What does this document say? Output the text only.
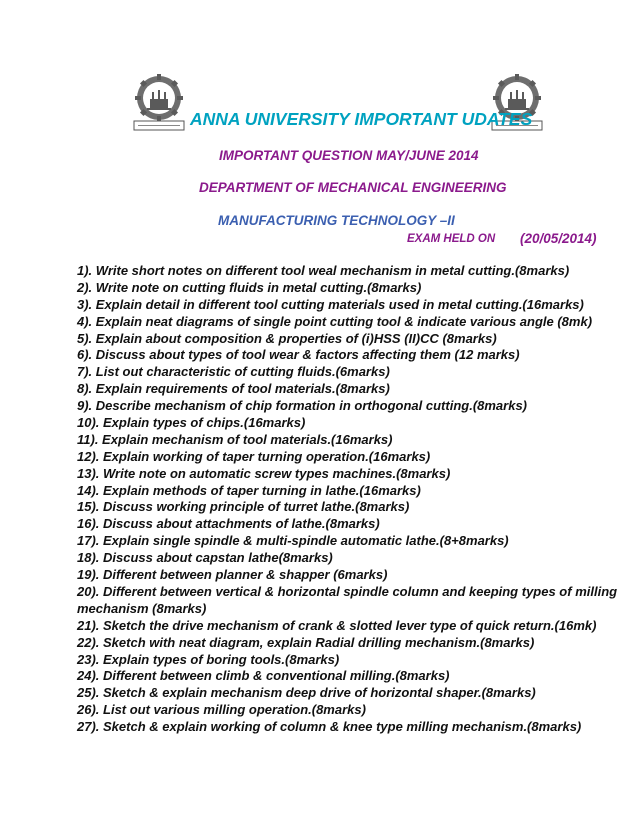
ANNA UNIVERSITY IMPORTANT UDATES
IMPORTANT QUESTION MAY/JUNE 2014
DEPARTMENT OF MECHANICAL ENGINEERING
MANUFACTURING TECHNOLOGY –II
EXAM HELD ON (20/05/2014)
1). Write short notes on different tool weal mechanism in metal cutting.(8marks)
2). Write note on cutting fluids in metal cutting.(8marks)
3). Explain detail in different tool cutting materials used in metal cutting.(16marks)
4). Explain neat diagrams of single point cutting tool & indicate various angle (8mk)
5). Explain about composition & properties of (i)HSS (II)CC (8marks)
6). Discuss about types of tool wear & factors affecting them (12 marks)
7). List out characteristic of cutting fluids.(6marks)
8). Explain requirements of tool materials.(8marks)
9). Describe mechanism of chip formation in orthogonal cutting.(8marks)
10). Explain types of chips.(16marks)
11). Explain mechanism of tool materials.(16marks)
12). Explain working of taper turning operation.(16marks)
13). Write note on automatic screw types machines.(8marks)
14). Explain methods of taper turning in lathe.(16marks)
15). Discuss working principle of turret lathe.(8marks)
16). Discuss about attachments of lathe.(8marks)
17). Explain single spindle & multi-spindle automatic lathe.(8+8marks)
18). Discuss about capstan lathe(8marks)
19). Different between planner & shapper (6marks)
20). Different between vertical & horizontal spindle column and keeping types of milling mechanism (8marks)
21). Sketch the drive mechanism of crank & slotted lever type of quick return.(16mk)
22). Sketch with neat diagram, explain Radial drilling mechanism.(8marks)
23). Explain types of boring tools.(8marks)
24). Different between climb & conventional milling.(8marks)
25). Sketch & explain mechanism deep drive of horizontal shaper.(8marks)
26). List out various milling operation.(8marks)
27). Sketch & explain working of column & knee type milling mechanism.(8marks)
